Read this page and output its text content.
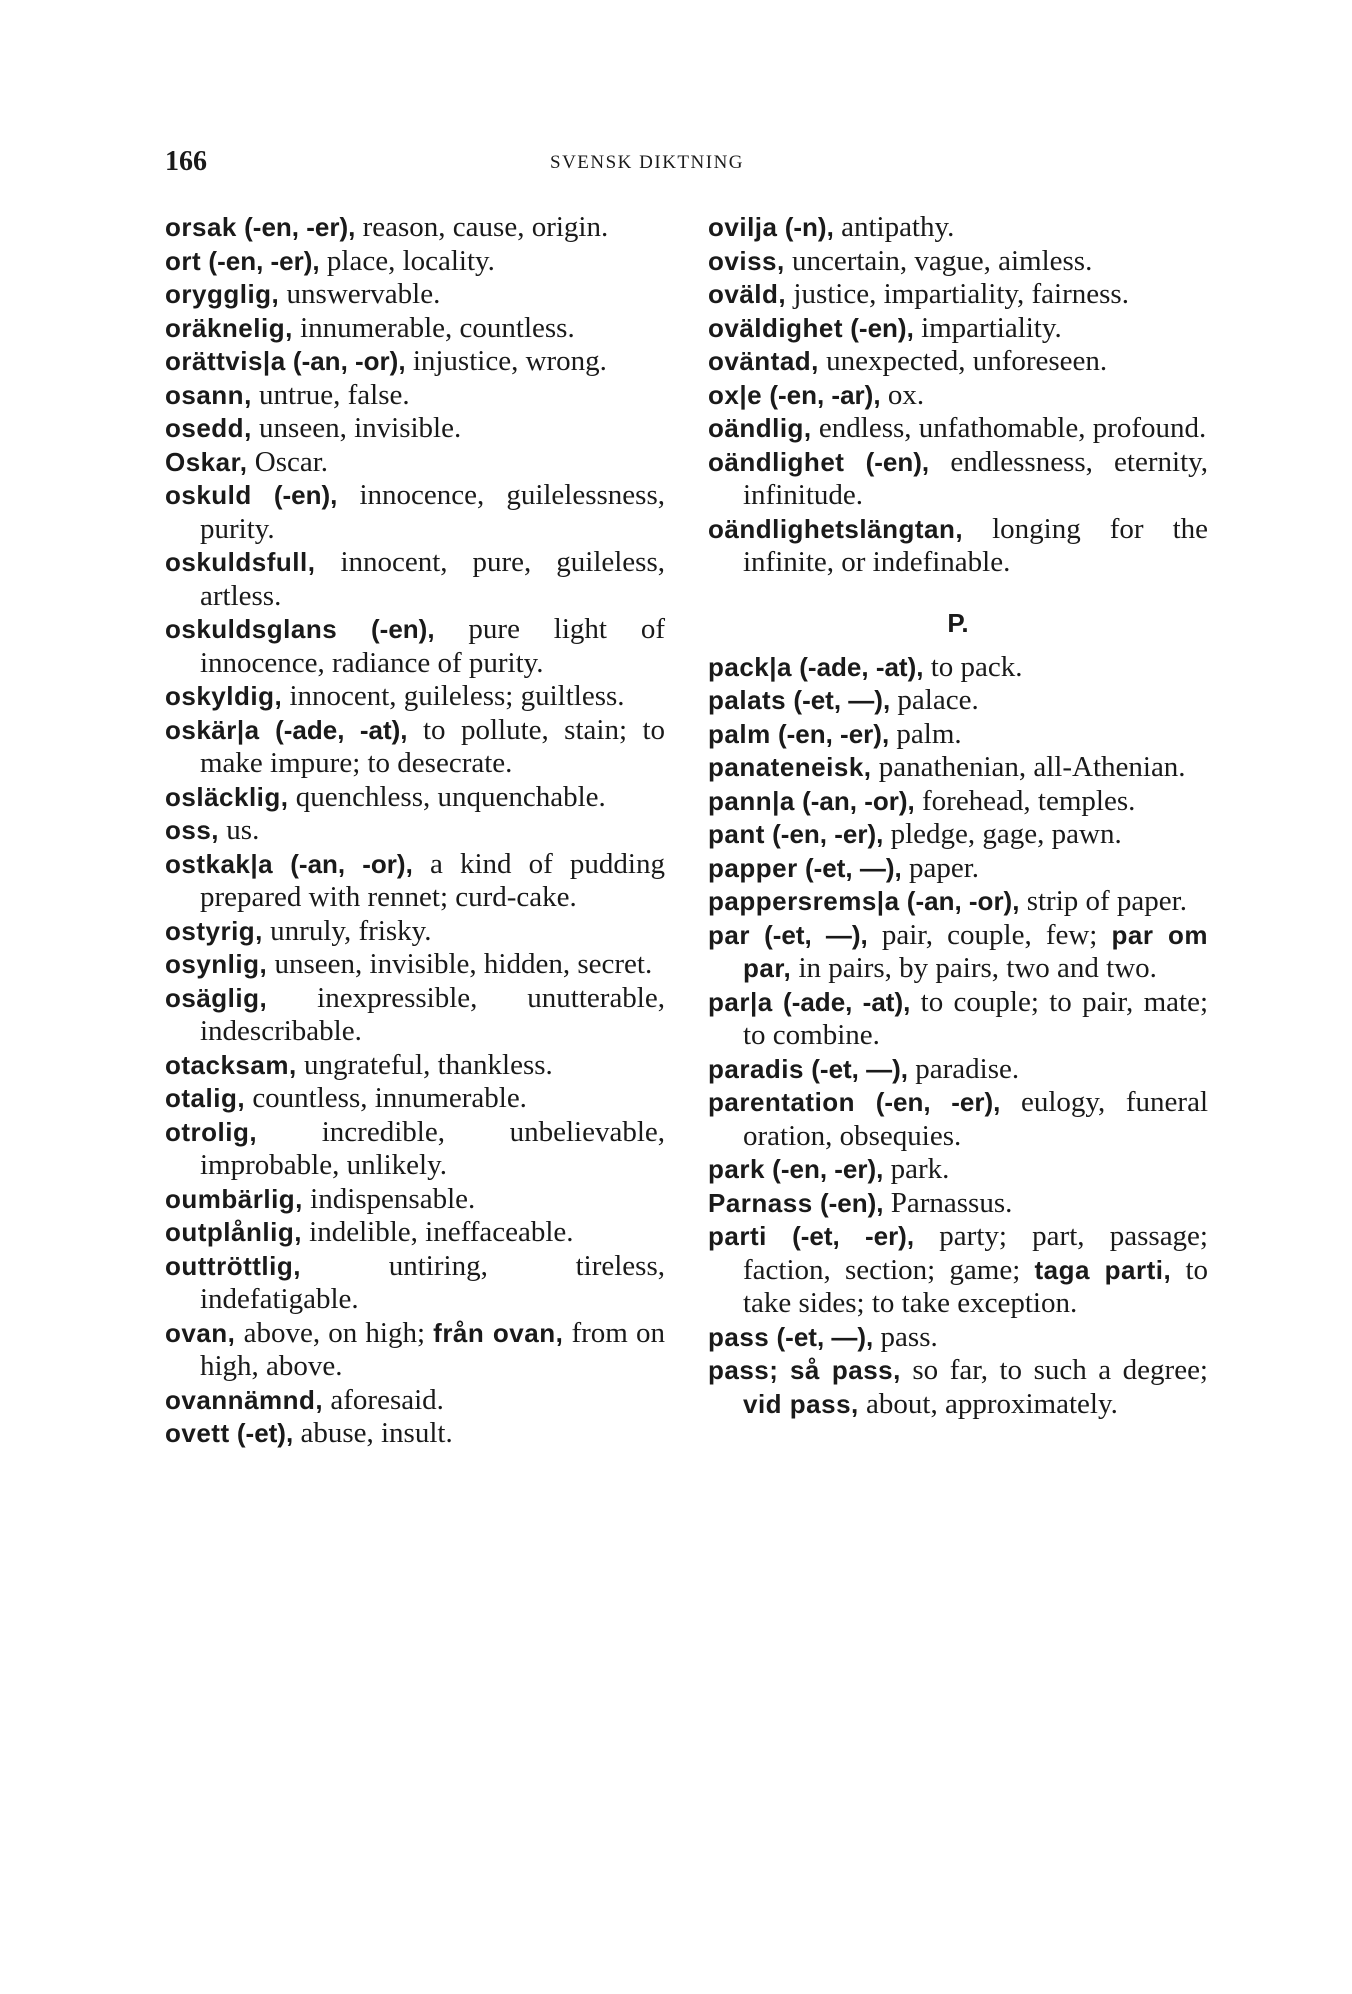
166	SVENSK DIKTNING
orsak (-en, -er), reason, cause, origin.
ort (-en, -er), place, locality.
orygglig, unswervable.
oräknelig, innumerable, countless.
orättvis|a (-an, -or), injustice, wrong.
osann, untrue, false.
osedd, unseen, invisible.
Oskar, Oscar.
oskuld (-en), innocence, guilelessness, purity.
oskuldsfull, innocent, pure, guileless, artless.
oskuldsglans (-en), pure light of innocence, radiance of purity.
oskyldig, innocent, guileless; guiltless.
oskär|a (-ade, -at), to pollute, stain; to make impure; to desecrate.
osläcklig, quenchless, unquenchable.
oss, us.
ostkak|a (-an, -or), a kind of pudding prepared with rennet; curd-cake.
ostyrig, unruly, frisky.
osynlig, unseen, invisible, hidden, secret.
osäglig, inexpressible, unutterable, indescribable.
otacksam, ungrateful, thankless.
otalig, countless, innumerable.
otrolig, incredible, unbelievable, improbable, unlikely.
oumbärlig, indispensable.
outplånlig, indelible, ineffaceable.
outtröttlig,	untiring, tireless, indefatigable.
ovan, above, on high; från ovan, from on high, above.
ovannämnd, aforesaid.
ovett (-et), abuse, insult.
ovilja (-n), antipathy.
oviss, uncertain, vague, aimless.
oväld, justice, impartiality, fairness.
oväldighet (-en), impartiality.
oväntad, unexpected, unforeseen.
ox|e (-en, -ar), ox.
oändlig, endless, unfathomable, profound.
oändlighet (-en), endlessness, eternity, infinitude.
oändlighetslängtan, longing for the infinite, or indefinable.
P.
pack|a (-ade, -at), to pack.
palats (-et, —), palace.
palm (-en, -er), palm.
panateneisk, panathenian, all-Athenian.
pann|a (-an, -or), forehead, temples.
pant (-en, -er), pledge, gage, pawn.
papper (-et, —), paper.
pappersrems|a (-an, -or), strip of paper.
par (-et, —), pair, couple, few; par om par, in pairs, by pairs, two and two.
par|a (-ade, -at), to couple; to pair, mate; to combine.
paradis (-et, —), paradise.
parentation (-en, -er), eulogy, funeral oration, obsequies.
park (-en, -er), park.
Parnass (-en), Parnassus.
parti (-et, -er), party; part, passage; faction, section; game; taga parti, to take sides; to take exception.
pass (-et, —), pass.
pass; så pass, so far, to such a degree; vid pass, about, approximately.
